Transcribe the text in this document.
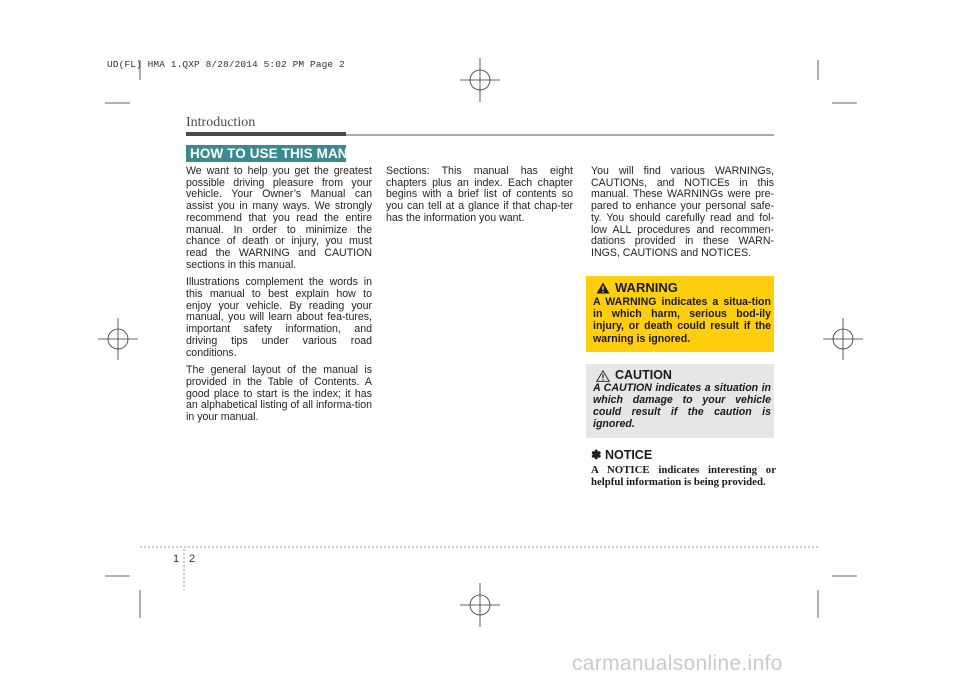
UD(FL) HMA 1.QXP 8/28/2014 5:02 PM Page 2
Introduction
HOW TO USE THIS MANUAL

We want to help you get the greatest possible driving pleasure from your vehicle. Your Owner’s Manual can assist you in many ways. We strongly recommend that you read the entire manual. In order to minimize the chance of death or injury, you must read the WARNING and CAUTION sections in this manual.

Illustrations complement the words in this manual to best explain how to enjoy your vehicle. By reading your manual, you will learn about fea-tures, important safety information, and driving tips under various road conditions.

The general layout of the manual is provided in the Table of Contents. A good place to start is the index; it has an alphabetical listing of all informa-tion in your manual.

Sections: This manual has eight chapters plus an index. Each chapter begins with a brief list of contents so you can tell at a glance if that chap-ter has the information you want.

You will find various WARNINGs, CAUTIONs, and NOTICEs in this manual. These WARNINGs were pre-pared to enhance your personal safe-ty. You should carefully read and fol-low ALL procedures and recommen-dations provided in these WARN-INGS, CAUTIONS and NOTICES.

WARNING
A WARNING indicates a situa-tion in which harm, serious bod-ily injury, or death could result if the warning is ignored.
CAUTION
A CAUTION indicates a situation in which damage to your vehicle could result if the caution is ignored.
✽ NOTICE
A NOTICE indicates interesting or helpful information is being provided.
1 2
carmanualsonline.info
